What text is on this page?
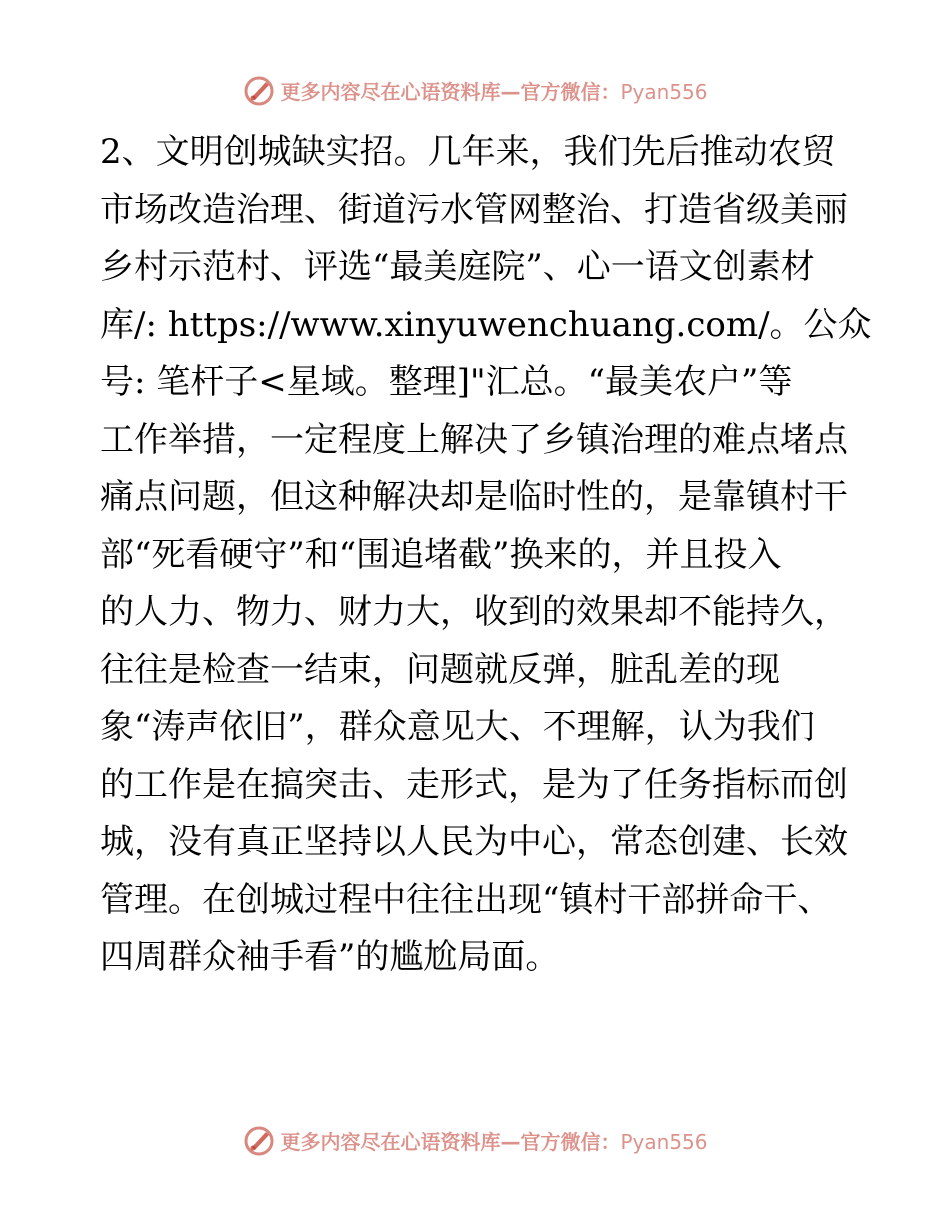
更多内容尽在心语资料库—官方微信：Pyan556
2、文明创城缺实招。几年来，我们先后推动农贸
市场改造治理、街道污水管网整治、打造省级美丽
乡村示范村、评选“最美庭院”、心一语文创素材
库/: https://www.xinyuwenchuang.com/。公众
号: 笔杆子<星域。整理]"汇总。“最美农户”等
工作举措，一定程度上解决了乡镇治理的难点堵点
痛点问题，但这种解决却是临时性的，是靠镇村干
部“死看硬守”和“围追堵截”换来的，并且投入
的人力、物力、财力大，收到的效果却不能持久，
往往是检查一结束，问题就反弹，脏乱差的现
象“涛声依旧”，群众意见大、不理解，认为我们
的工作是在搞突击、走形式，是为了任务指标而创
城，没有真正坚持以人民为中心，常态创建、长效
管理。在创城过程中往往出现“镇村干部拼命干、
四周群众袖手看”的尴尬局面。
更多内容尽在心语资料库—官方微信：Pyan556
